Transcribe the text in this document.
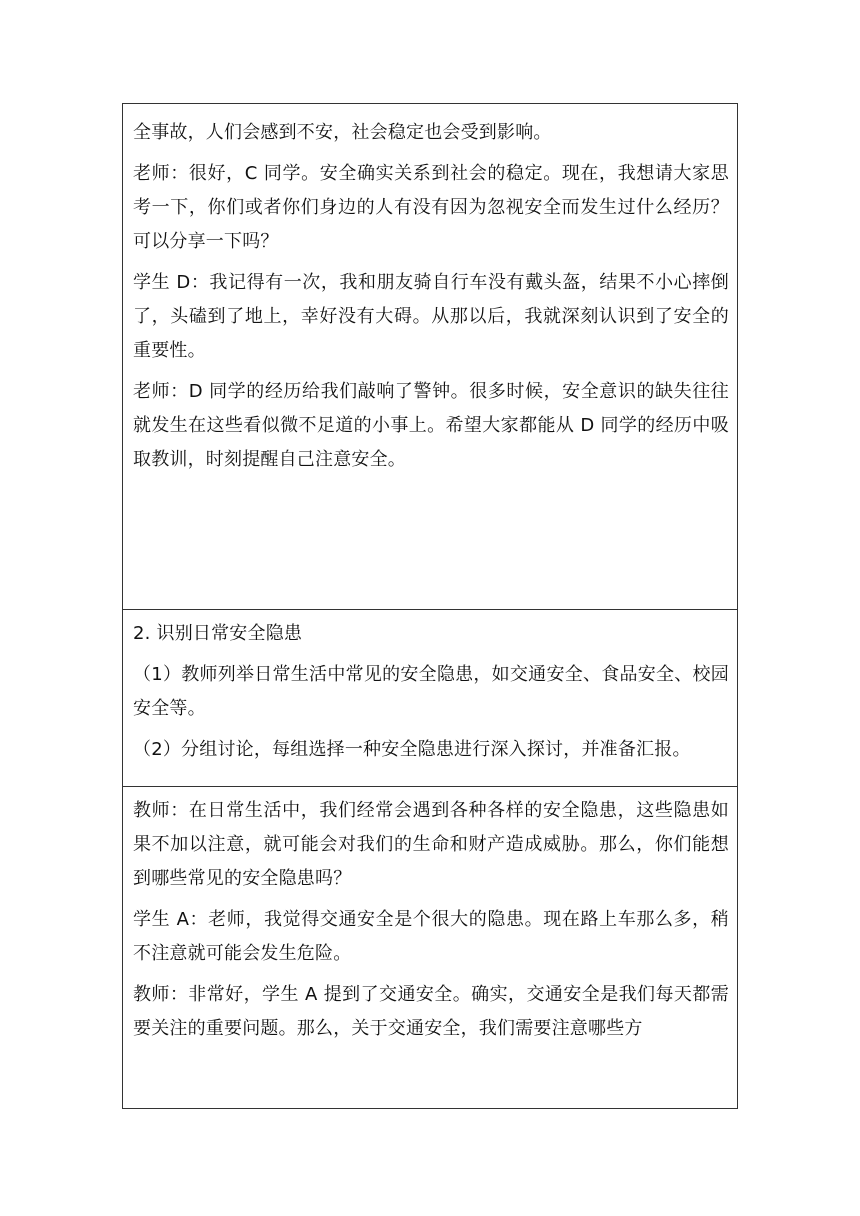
全事故，人们会感到不安，社会稳定也会受到影响。

老师：很好，C 同学。安全确实关系到社会的稳定。现在，我想请大家思考一下，你们或者你们身边的人有没有因为忽视安全而发生过什么经历？可以分享一下吗？

学生 D：我记得有一次，我和朋友骑自行车没有戴头盔，结果不小心摔倒了，头磕到了地上，幸好没有大碍。从那以后，我就深刻认识到了安全的重要性。

老师：D 同学的经历给我们敲响了警钟。很多时候，安全意识的缺失往往就发生在这些看似微不足道的小事上。希望大家都能从 D 同学的经历中吸取教训，时刻提醒自己注意安全。

2. 识别日常安全隐患

（1）教师列举日常生活中常见的安全隐患，如交通安全、食品安全、校园安全等。

（2）分组讨论，每组选择一种安全隐患进行深入探讨，并准备汇报。

教师：在日常生活中，我们经常会遇到各种各样的安全隐患，这些隐患如果不加以注意，就可能会对我们的生命和财产造成威胁。那么，你们能想到哪些常见的安全隐患吗？

学生 A：老师，我觉得交通安全是个很大的隐患。现在路上车那么多，稍不注意就可能会发生危险。

教师：非常好，学生 A 提到了交通安全。确实，交通安全是我们每天都需要关注的重要问题。那么，关于交通安全，我们需要注意哪些方
